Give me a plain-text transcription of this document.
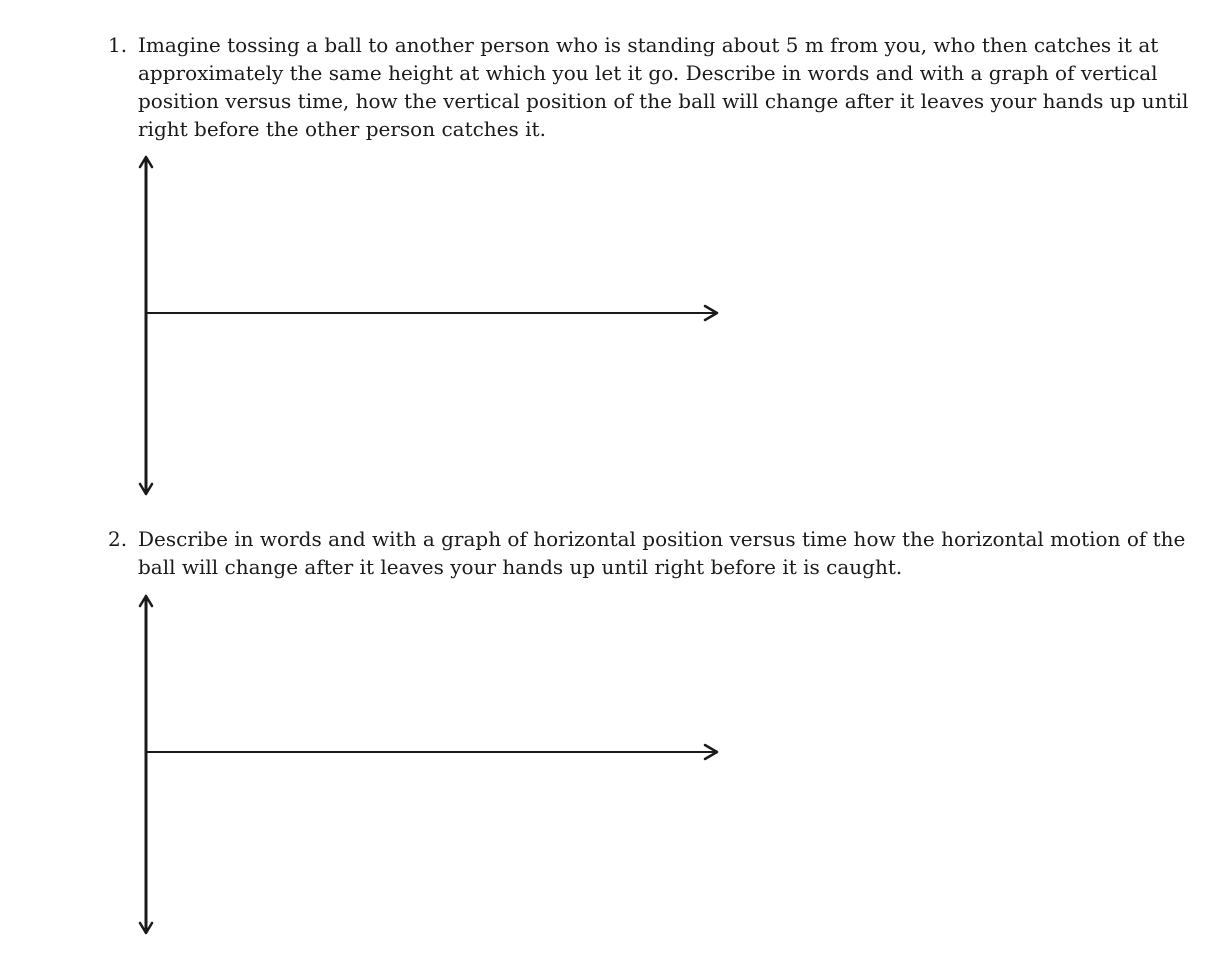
1. Imagine tossing a ball to another person who is standing about 5 m from you, who then catches it at approximately the same height at which you let it go. Describe in words and with a graph of vertical position versus time, how the vertical position of the ball will change after it leaves your hands up until right before the other person catches it.
2. Describe in words and with a graph of horizontal position versus time how the horizontal motion of the ball will change after it leaves your hands up until right before it is caught.
